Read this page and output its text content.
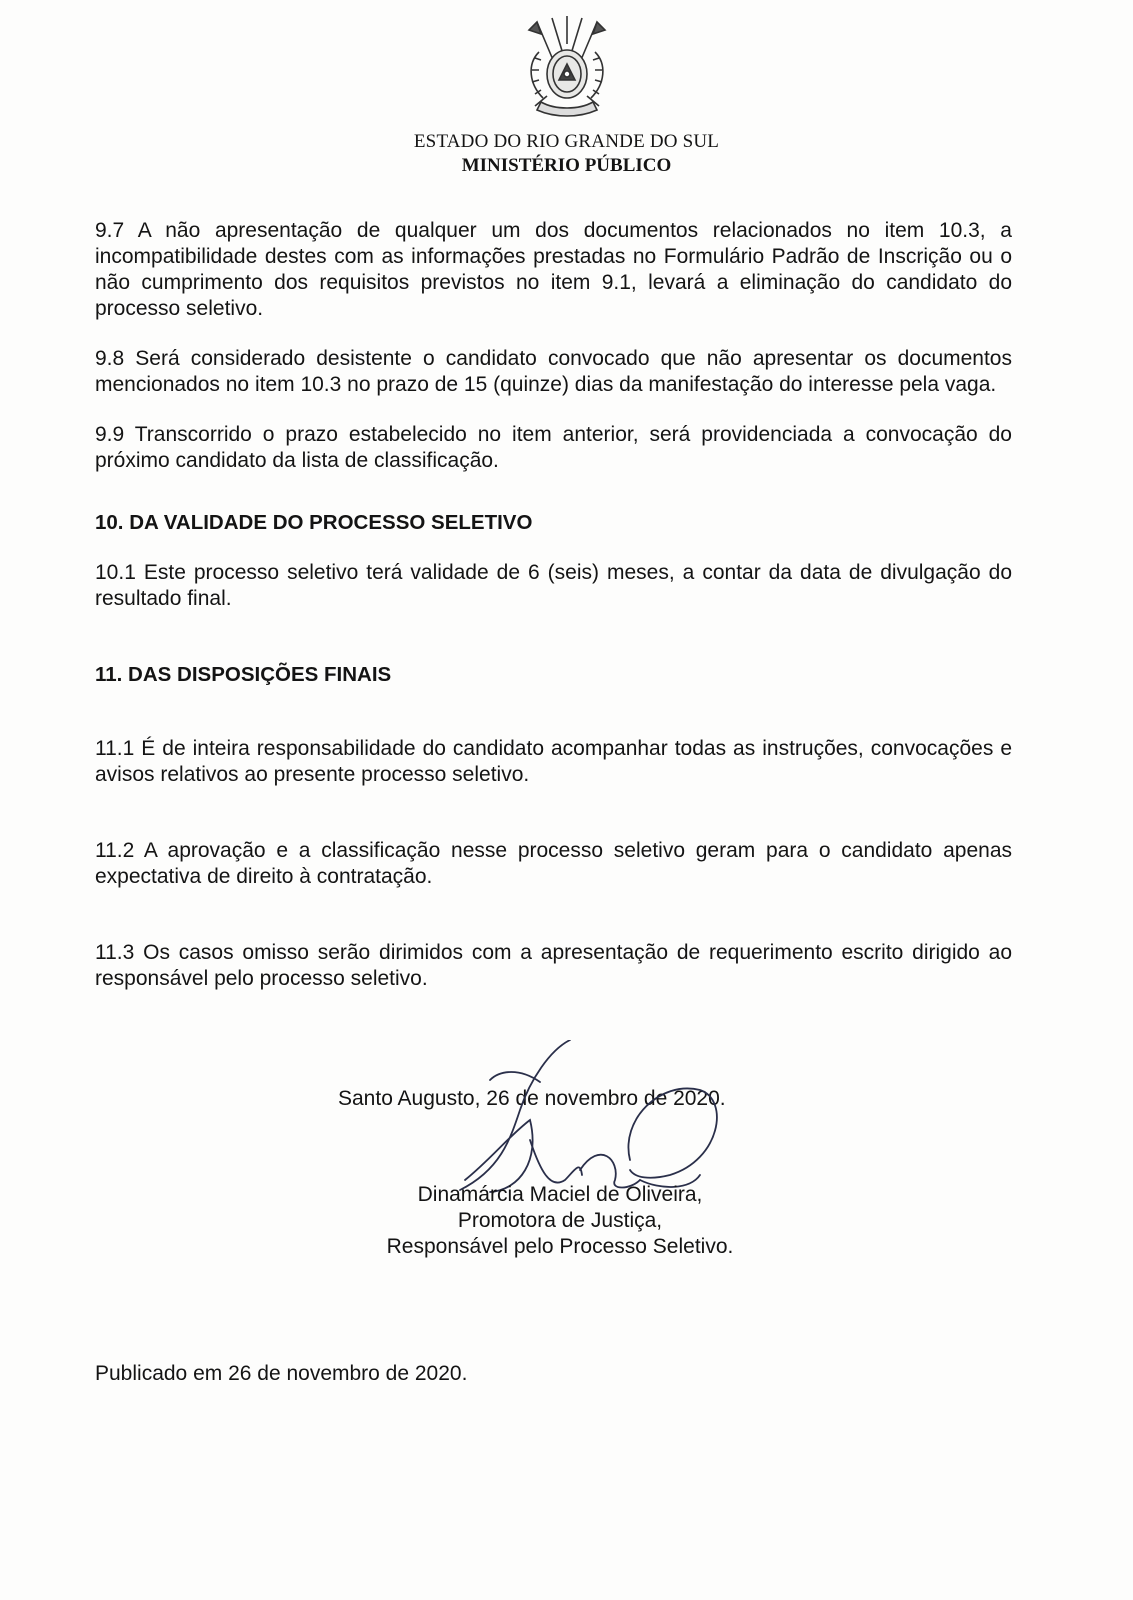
ESTADO DO RIO GRANDE DO SUL
MINISTÉRIO PÚBLICO

9.7 A não apresentação de qualquer um dos documentos relacionados no item 10.3, a incompatibilidade destes com as informações prestadas no Formulário Padrão de Inscrição ou o não cumprimento dos requisitos previstos no item 9.1, levará a eliminação do candidato do processo seletivo.

9.8 Será considerado desistente o candidato convocado que não apresentar os documentos mencionados no item 10.3 no prazo de 15 (quinze) dias da manifestação do interesse pela vaga.

9.9 Transcorrido o prazo estabelecido no item anterior, será providenciada a convocação do próximo candidato da lista de classificação.

10. DA VALIDADE DO PROCESSO SELETIVO

10.1 Este processo seletivo terá validade de 6 (seis) meses, a contar da data de divulgação do resultado final.

11. DAS DISPOSIÇÕES FINAIS

11.1 É de inteira responsabilidade do candidato acompanhar todas as instruções, convocações e avisos relativos ao presente processo seletivo.

11.2 A aprovação e a classificação nesse processo seletivo geram para o candidato apenas expectativa de direito à contratação.

11.3 Os casos omisso serão dirimidos com a apresentação de requerimento escrito dirigido ao responsável pelo processo seletivo.

Santo Augusto, 26 de novembro de 2020.
Dinamárcia Maciel de Oliveira,
Promotora de Justiça,
Responsável pelo Processo Seletivo.
Publicado em 26 de novembro de 2020.
